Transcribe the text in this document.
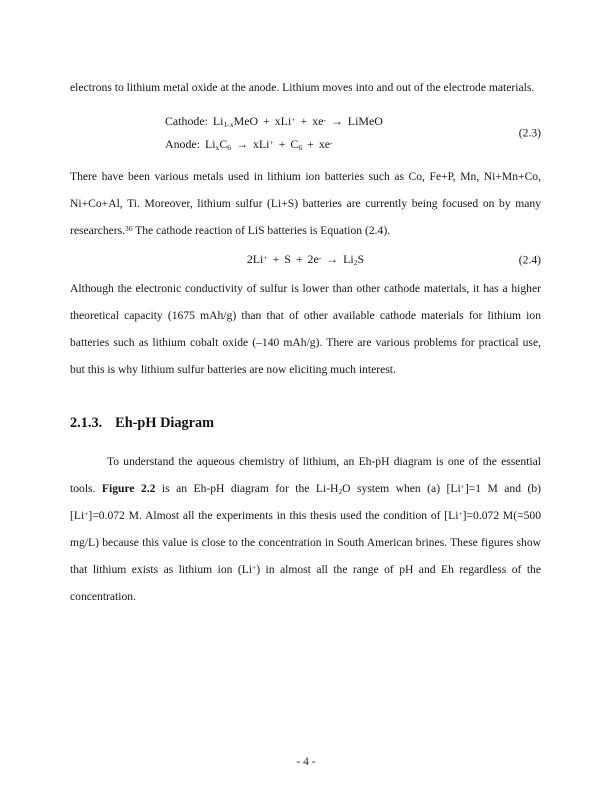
electrons to lithium metal oxide at the anode. Lithium moves into and out of the electrode materials.

Cathode: $Li_{1-x}MeO + xLi^+ + xe^-$ → LiMeO
Anode: $Li_xC_6 \to xLi^+ + C_6 + xe^-$
(2.3)

There have been various metals used in lithium ion batteries such as Co, Fe+P, Mn, Ni+Mn+Co, Ni+Co+Al, Ti. Moreover, lithium sulfur (Li+S) batteries are currently being focused on by many researchers.$^{36}$ The cathode reaction of LiS batteries is Equation (2.4).

$2Li^+ + S + 2e^- \to Li_2S$	(2.4)

Although the electronic conductivity of sulfur is lower than other cathode materials, it has a higher theoretical capacity (1675 mAh/g) than that of other available cathode materials for lithium ion batteries such as lithium cobalt oxide (–140 mAh/g). There are various problems for practical use, but this is why lithium sulfur batteries are now eliciting much interest.

2.1.3. Eh-pH Diagram

To understand the aqueous chemistry of lithium, an Eh-pH diagram is one of the essential tools. Figure 2.2 is an Eh-pH diagram for the $Li-H_2O$ system when (a) [Li+]=1 M and (b) [Li+]=0.072 M. Almost all the experiments in this thesis used the condition of [Li+]=0.072 M(=500 mg/L) because this value is close to the concentration in South American brines. These figures show that lithium exists as lithium ion (Li+) in almost all the range of pH and Eh regardless of the concentration.

- 4 -
